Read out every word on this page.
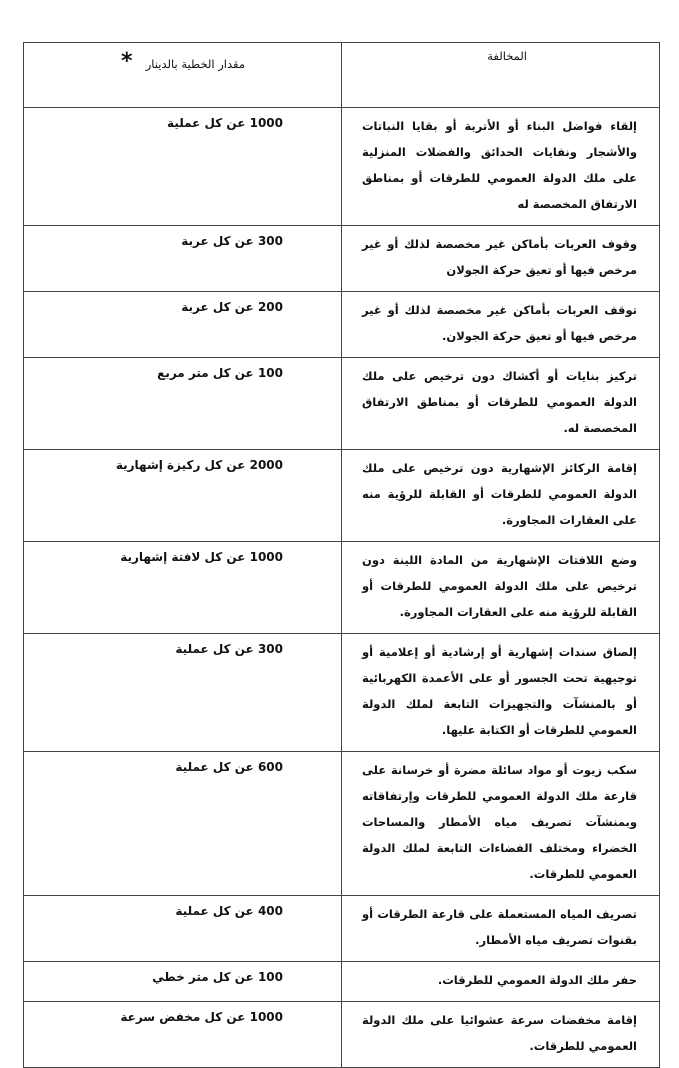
* مقدار الخطية بالدينار	المخالفة
1000 عن كل عملية	إلقاء فواضل البناء أو الأتربة أو بقايا النباتات والأشجار ونفايات الحدائق والفضلات المنزلية على ملك الدولة العمومي للطرقات أو بمناطق الارتفاق المخصصة له
300 عن كل عربة	وقوف العربات بأماكن غير مخصصة لذلك أو غير مرخص فيها أو تعيق حركة الجولان
200 عن كل عربة	توقف العربات بأماكن غير مخصصة لذلك أو غير مرخص فيها أو تعيق حركة الجولان.
100 عن كل متر مربع	تركيز بنايات أو أكشاك دون ترخيص على ملك الدولة العمومي للطرقات أو بمناطق الارتفاق المخصصة له.
2000 عن كل ركيزة إشهارية	إقامة الركائز الإشهارية دون ترخيص على ملك الدولة العمومي للطرقات أو القابلة للرؤية منه على العقارات المجاورة.
1000 عن كل لافتة إشهارية	وضع اللافتات الإشهارية من المادة اللينة دون ترخيص على ملك الدولة العمومي للطرقات أو القابلة للرؤية منه على العقارات المجاورة.
300 عن كل عملية	إلصاق سندات إشهارية أو إرشادية أو إعلامية أو توجيهية تحت الجسور أو على الأعمدة الكهربائية أو بالمنشآت والتجهيزات التابعة لملك الدولة العمومي للطرقات أو الكتابة عليها.
600 عن كل عملية	سكب زيوت أو مواد سائلة مضرة أو خرسانة على قارعة ملك الدولة العمومي للطرقات وإرتفاقاته وبمنشآت تصريف مياه الأمطار والمساحات الخضراء ومختلف الفضاءات التابعة لملك الدولة العمومي للطرقات.
400 عن كل عملية	تصريف المياه المستعملة على قارعة الطرقات أو بقنوات تصريف مياه الأمطار.
100 عن كل متر خطي	حفر ملك الدولة العمومي للطرقات.
1000 عن كل مخفض سرعة	إقامة مخفضات سرعة عشوائيا على ملك الدولة العمومي للطرقات.
